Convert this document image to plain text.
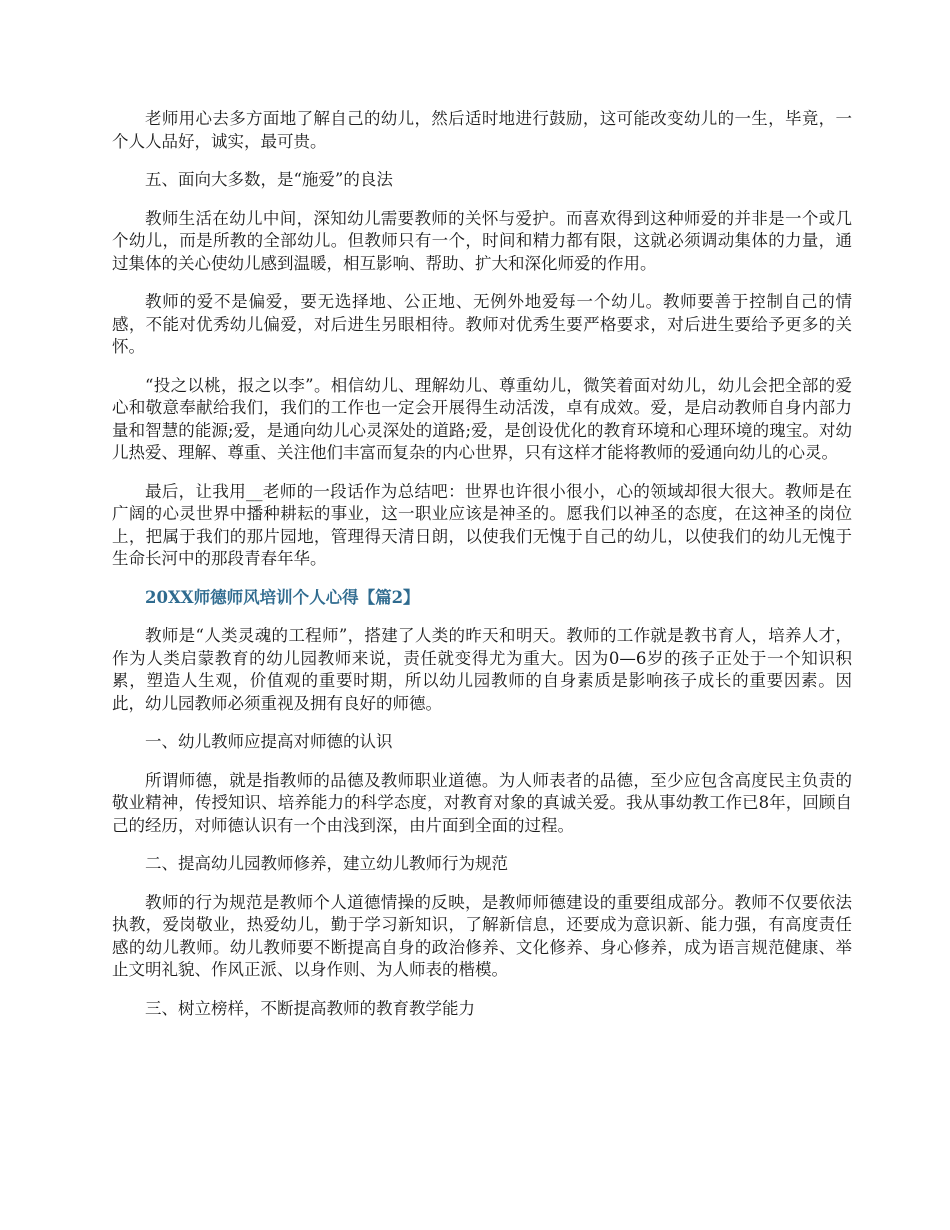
老师用心去多方面地了解自己的幼儿，然后适时地进行鼓励，这可能改变幼儿的一生，毕竟，一个人人品好，诚实，最可贵。

五、面向大多数，是“施爱”的良法

教师生活在幼儿中间，深知幼儿需要教师的关怀与爱护。而喜欢得到这种师爱的并非是一个或几个幼儿，而是所教的全部幼儿。但教师只有一个，时间和精力都有限，这就必须调动集体的力量，通过集体的关心使幼儿感到温暖，相互影响、帮助、扩大和深化师爱的作用。

教师的爱不是偏爱，要无选择地、公正地、无例外地爱每一个幼儿。教师要善于控制自己的情感，不能对优秀幼儿偏爱，对后进生另眼相待。教师对优秀生要严格要求，对后进生要给予更多的关怀。

“投之以桃，报之以李”。相信幼儿、理解幼儿、尊重幼儿，微笑着面对幼儿，幼儿会把全部的爱心和敬意奉献给我们，我们的工作也一定会开展得生动活泼，卓有成效。爱，是启动教师自身内部力量和智慧的能源;爱，是通向幼儿心灵深处的道路;爱，是创设优化的教育环境和心理环境的瑰宝。对幼儿热爱、理解、尊重、关注他们丰富而复杂的内心世界，只有这样才能将教师的爱通向幼儿的心灵。

最后，让我用__老师的一段话作为总结吧：世界也许很小很小，心的领域却很大很大。教师是在广阔的心灵世界中播种耕耘的事业，这一职业应该是神圣的。愿我们以神圣的态度，在这神圣的岗位上，把属于我们的那片园地，管理得天清日朗，以使我们无愧于自己的幼儿，以使我们的幼儿无愧于生命长河中的那段青春年华。

20XX师德师风培训个人心得【篇2】

教师是“人类灵魂的工程师”，搭建了人类的昨天和明天。教师的工作就是教书育人，培养人才，作为人类启蒙教育的幼儿园教师来说，责任就变得尤为重大。因为0—6岁的孩子正处于一个知识积累，塑造人生观，价值观的重要时期，所以幼儿园教师的自身素质是影响孩子成长的重要因素。因此，幼儿园教师必须重视及拥有良好的师德。

一、幼儿教师应提高对师德的认识

所谓师德，就是指教师的品德及教师职业道德。为人师表者的品德，至少应包含高度民主负责的敬业精神，传授知识、培养能力的科学态度，对教育对象的真诚关爱。我从事幼教工作已8年，回顾自己的经历，对师德认识有一个由浅到深，由片面到全面的过程。

二、提高幼儿园教师修养，建立幼儿教师行为规范

教师的行为规范是教师个人道德情操的反映，是教师师德建设的重要组成部分。教师不仅要依法执教，爱岗敬业，热爱幼儿，勤于学习新知识，了解新信息，还要成为意识新、能力强，有高度责任感的幼儿教师。幼儿教师要不断提高自身的政治修养、文化修养、身心修养，成为语言规范健康、举止文明礼貌、作风正派、以身作则、为人师表的楷模。

三、树立榜样，不断提高教师的教育教学能力
